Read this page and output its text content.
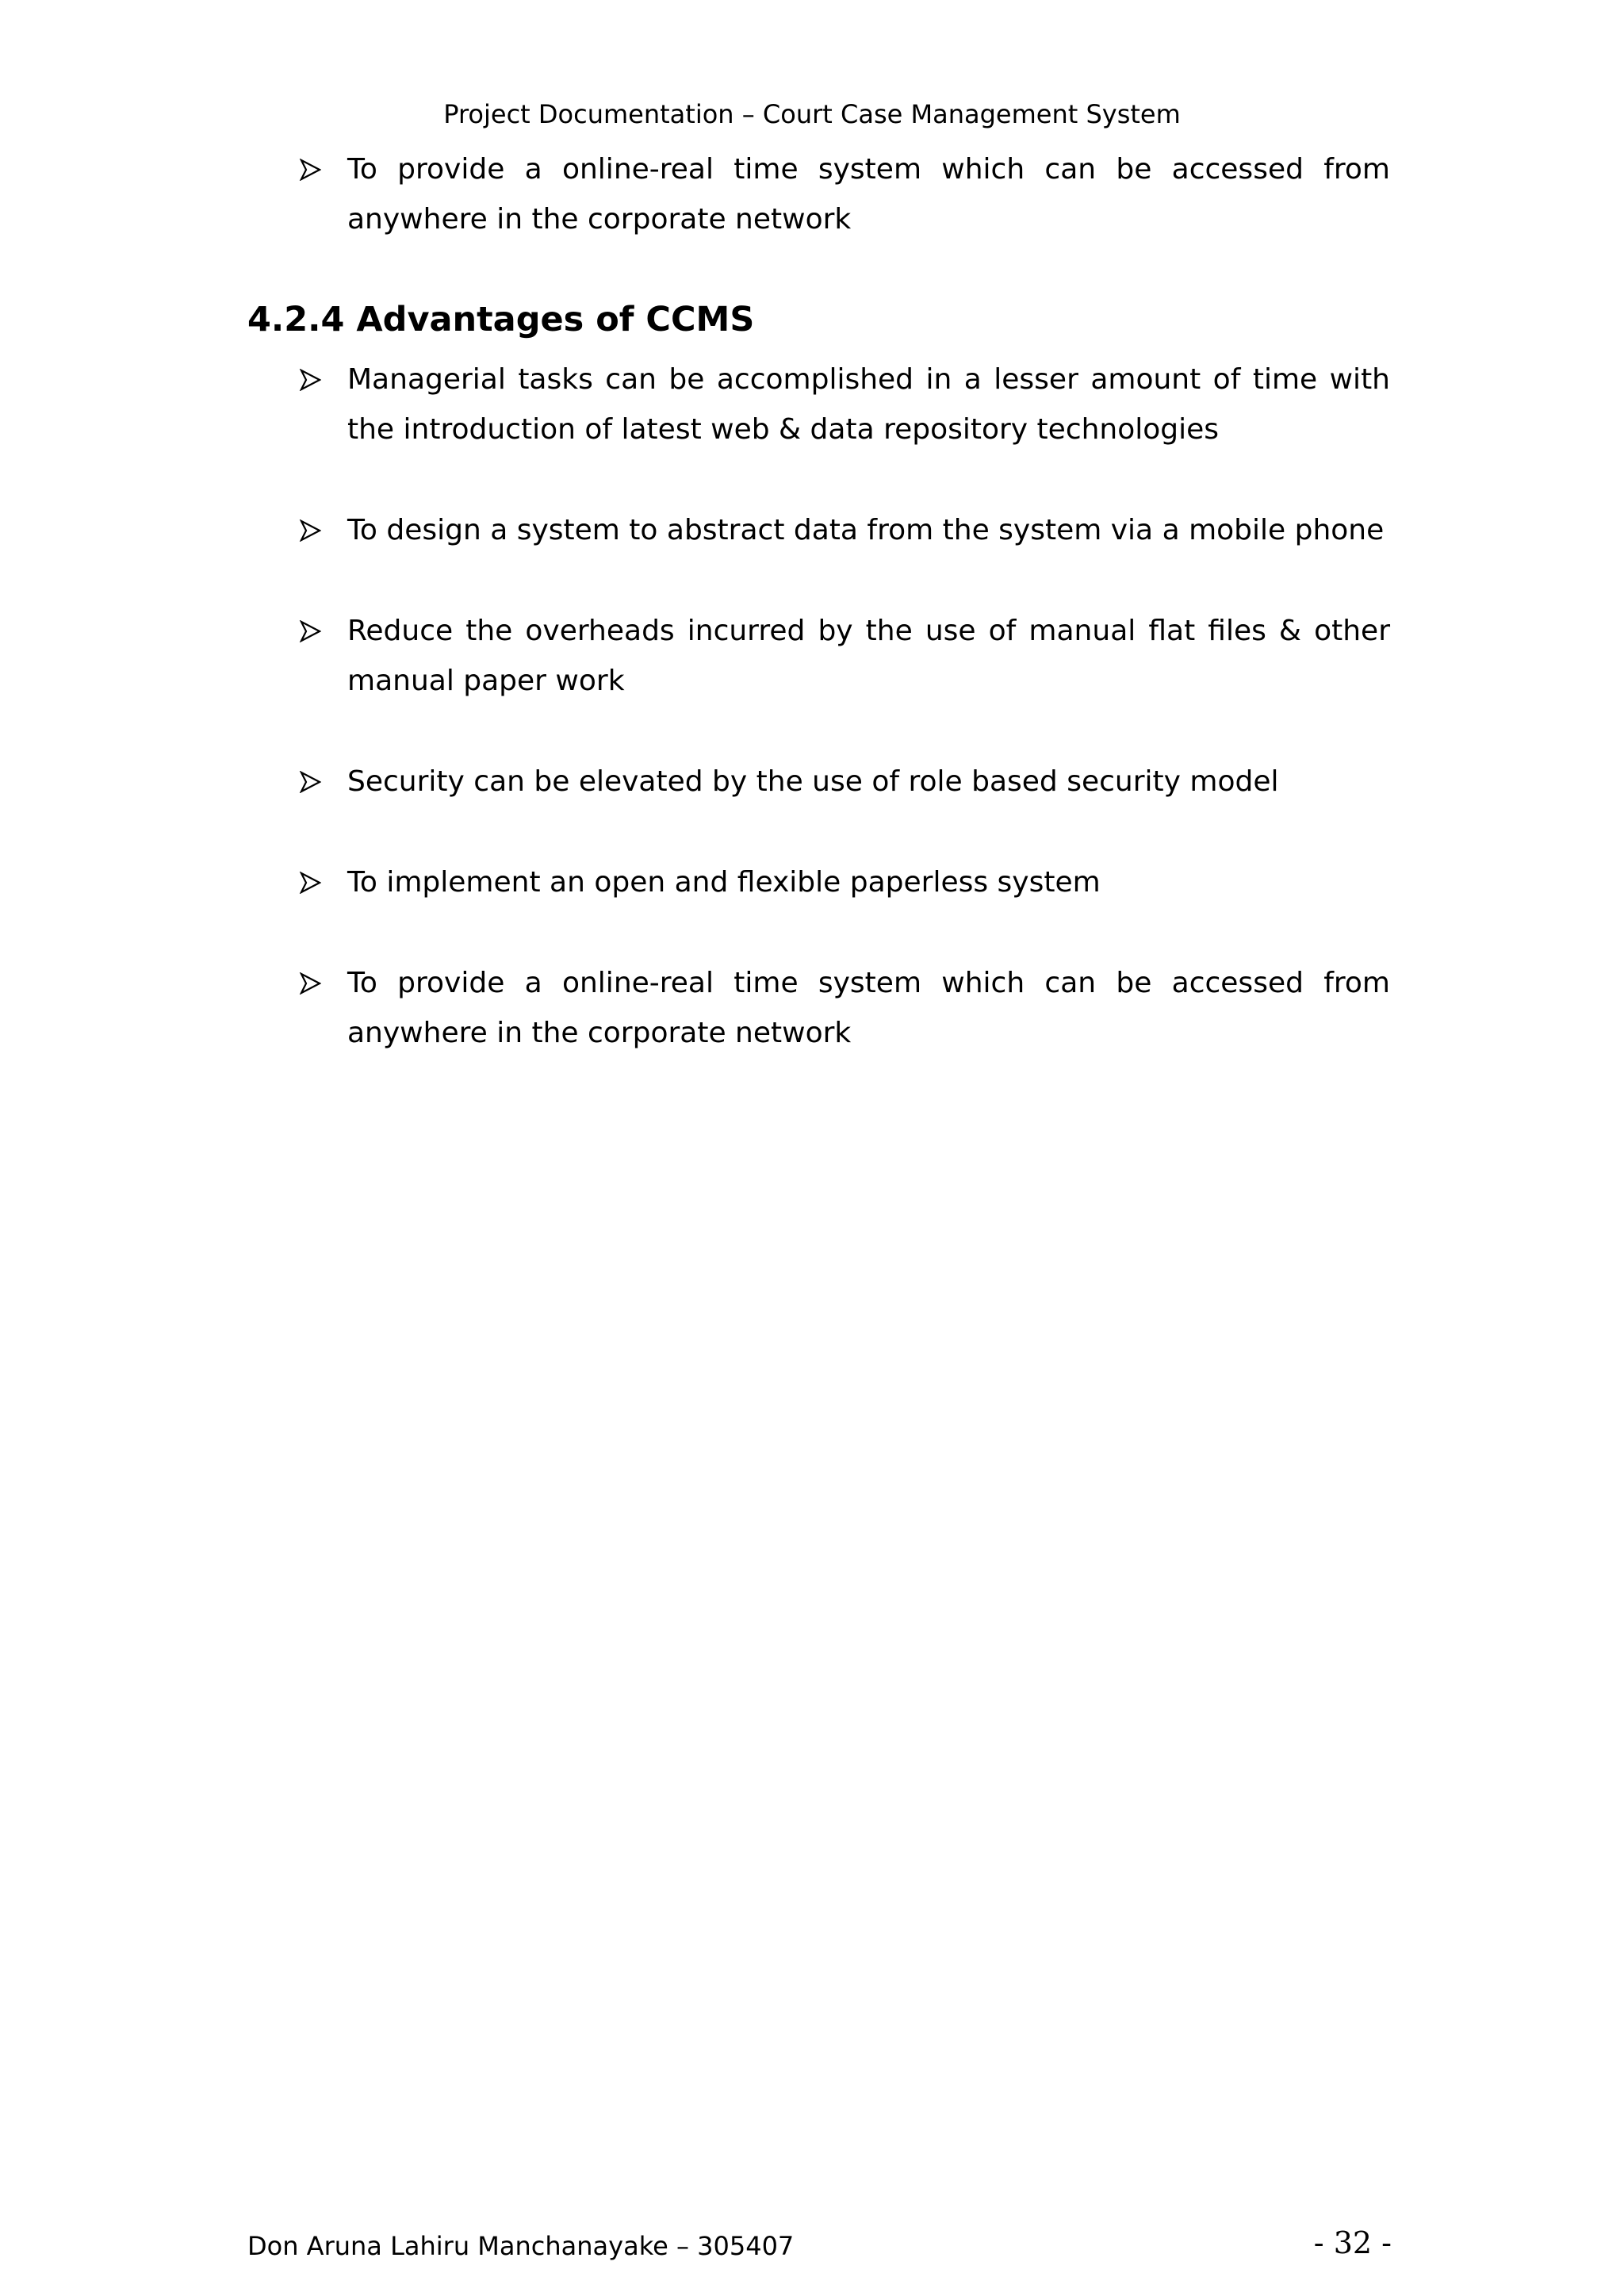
Project Documentation – Court Case Management System
To provide a online-real time system which can be accessed from anywhere in the corporate network
4.2.4 Advantages of CCMS
Managerial tasks can be accomplished in a lesser amount of time with the introduction of latest web & data repository technologies
To design a system to abstract data from the system via a mobile phone
Reduce the overheads incurred by the use of manual flat files & other manual paper work
Security can be elevated by the use of role based security model
To implement an open and flexible paperless system
To provide a online-real time system which can be accessed from anywhere in the corporate network
Don Aruna Lahiru Manchanayake – 305407	- 32 -
